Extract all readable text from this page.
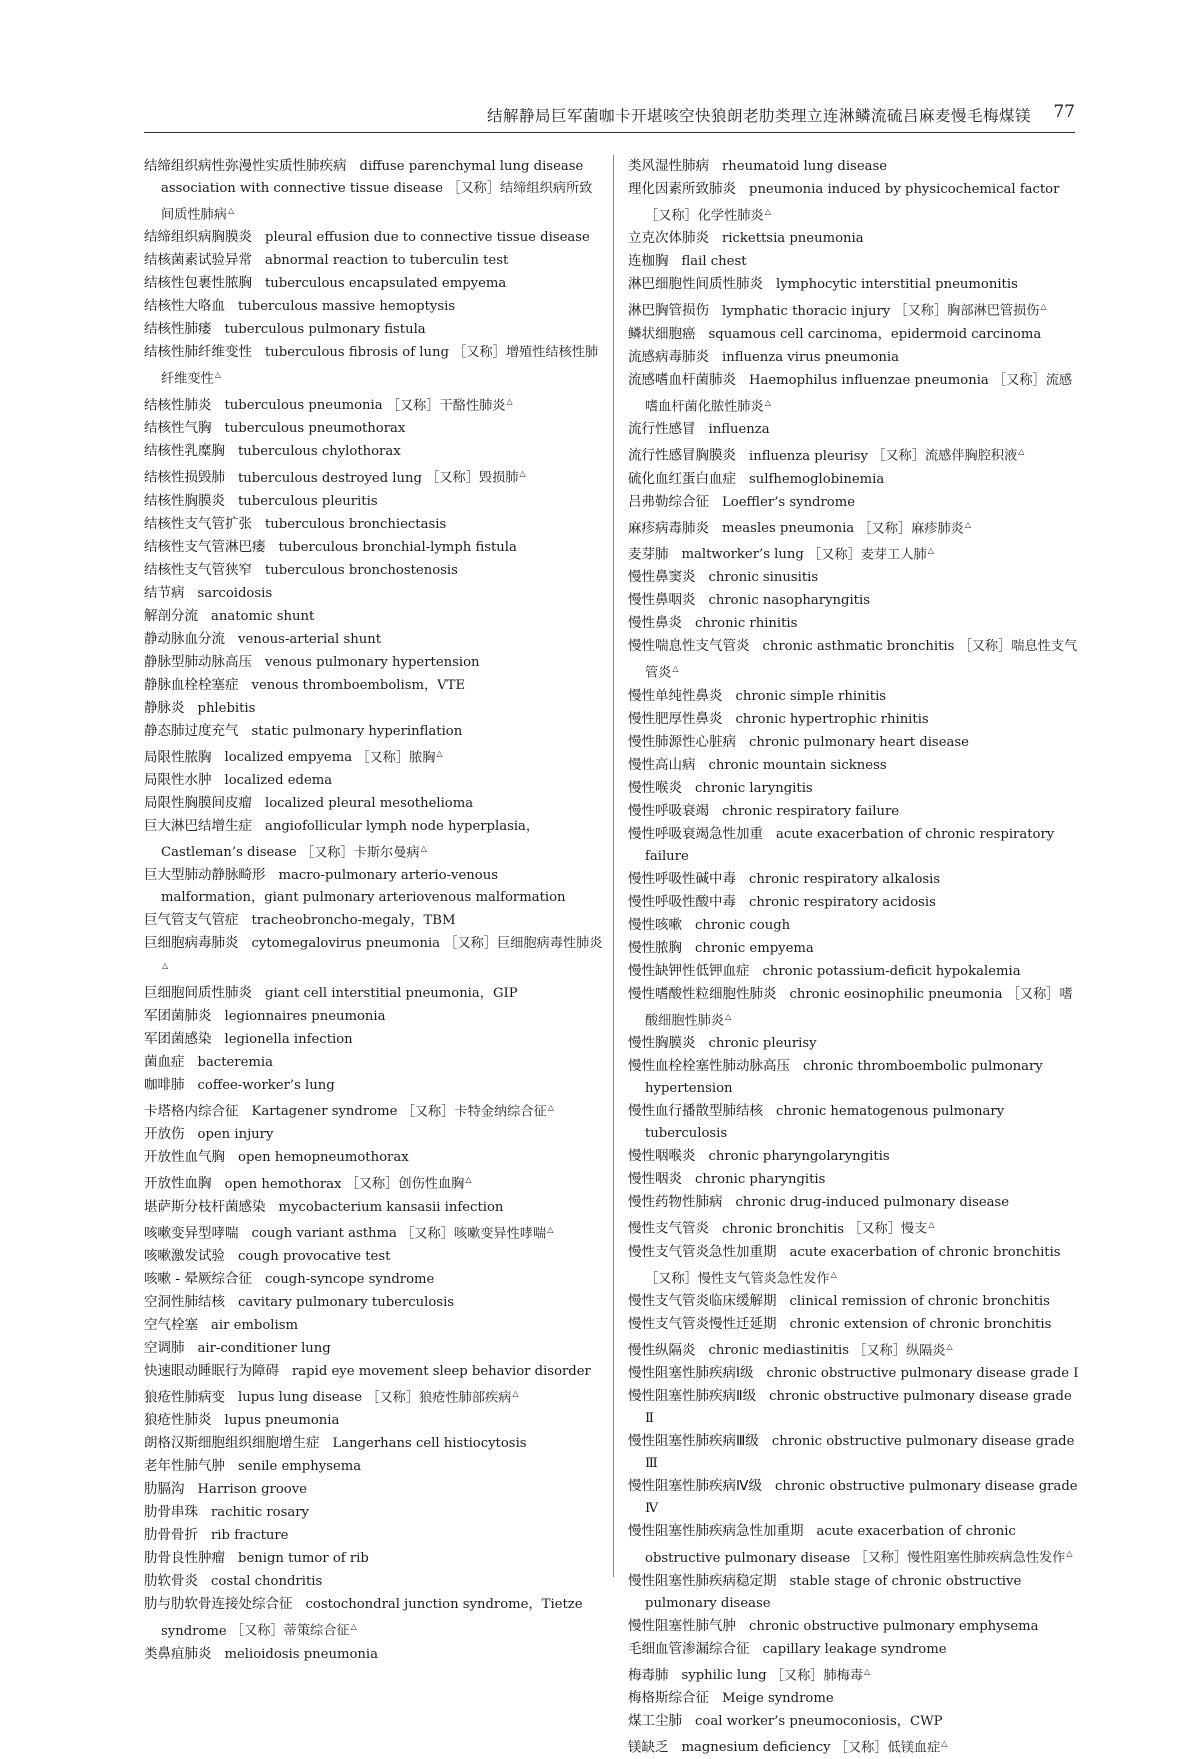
结解静局巨军菌咖卡开堪咳空快狼朗老肋类理立连淋鳞流硫吕麻麦慢毛梅煤镁 77
结缔组织病性弥漫性实质性肺疾病 diffuse parenchymal lung disease association with connective tissue disease ［又称］结缔组织病所致间质性肺病△
结缔组织病胸膜炎 pleural effusion due to connective tissue disease
结核菌素试验异常 abnormal reaction to tuberculin test
结核性包裹性脓胸 tuberculous encapsulated empyema
结核性大咯血 tuberculous massive hemoptysis
结核性肺瘘 tuberculous pulmonary fistula
结核性肺纤维变性 tuberculous fibrosis of lung ［又称］增殖性结核性肺纤维变性△
结核性肺炎 tuberculous pneumonia ［又称］干酪性肺炎△
结核性气胸 tuberculous pneumothorax
结核性乳糜胸 tuberculous chylothorax
结核性损毁肺 tuberculous destroyed lung ［又称］毁损肺△
结核性胸膜炎 tuberculous pleuritis
结核性支气管扩张 tuberculous bronchiectasis
结核性支气管淋巴瘘 tuberculous bronchial-lymph fistula
结核性支气管狭窄 tuberculous bronchostenosis
结节病 sarcoidosis
解剖分流 anatomic shunt
静动脉血分流 venous-arterial shunt
静脉型肺动脉高压 venous pulmonary hypertension
静脉血栓栓塞症 venous thromboembolism，VTE
静脉炎 phlebitis
静态肺过度充气 static pulmonary hyperinflation
局限性脓胸 localized empyema ［又称］脓胸△
局限性水肿 localized edema
局限性胸膜间皮瘤 localized pleural mesothelioma
巨大淋巴结增生症 angiofollicular lymph node hyperplasia，Castleman’s disease ［又称］卡斯尔曼病△
巨大型肺动静脉畸形 macro-pulmonary arterio-venous malformation，giant pulmonary arteriovenous malformation
巨气管支气管症 tracheobroncho-megaly，TBM
巨细胞病毒肺炎 cytomegalovirus pneumonia ［又称］巨细胞病毒性肺炎△
巨细胞间质性肺炎 giant cell interstitial pneumonia，GIP
军团菌肺炎 legionnaires pneumonia
军团菌感染 legionella infection
菌血症 bacteremia
咖啡肺 coffee-worker’s lung
卡塔格内综合征 Kartagener syndrome ［又称］卡特金纳综合征△
开放伤 open injury
开放性血气胸 open hemopneumothorax
开放性血胸 open hemothorax ［又称］创伤性血胸△
堪萨斯分枝杆菌感染 mycobacterium kansasii infection
咳嗽变异型哮喘 cough variant asthma ［又称］咳嗽变异性哮喘△
咳嗽激发试验 cough provocative test
咳嗽 - 晕厥综合征 cough-syncope syndrome
空洞性肺结核 cavitary pulmonary tuberculosis
空气栓塞 air embolism
空调肺 air-conditioner lung
快速眼动睡眠行为障碍 rapid eye movement sleep behavior disorder
狼疮性肺病变 lupus lung disease ［又称］狼疮性肺部疾病△
狼疮性肺炎 lupus pneumonia
朗格汉斯细胞组织细胞增生症 Langerhans cell histiocytosis
老年性肺气肿 senile emphysema
肋膈沟 Harrison groove
肋骨串珠 rachitic rosary
肋骨骨折 rib fracture
肋骨良性肿瘤 benign tumor of rib
肋软骨炎 costal chondritis
肋与肋软骨连接处综合征 costochondral junction syndrome，Tietze syndrome ［又称］蒂策综合征△
类鼻疽肺炎 melioidosis pneumonia
类风湿性肺病 rheumatoid lung disease
理化因素所致肺炎 pneumonia induced by physicochemical factor ［又称］化学性肺炎△
立克次体肺炎 rickettsia pneumonia
连枷胸 flail chest
淋巴细胞性间质性肺炎 lymphocytic interstitial pneumonitis
淋巴胸管损伤 lymphatic thoracic injury ［又称］胸部淋巴管损伤△
鳞状细胞癌 squamous cell carcinoma，epidermoid carcinoma
流感病毒肺炎 influenza virus pneumonia
流感嗜血杆菌肺炎 Haemophilus influenzae pneumonia ［又称］流感嗜血杆菌化脓性肺炎△
流行性感冒 influenza
流行性感冒胸膜炎 influenza pleurisy ［又称］流感伴胸腔积液△
硫化血红蛋白血症 sulfhemoglobinemia
吕弗勒综合征 Loeffler’s syndrome
麻疹病毒肺炎 measles pneumonia ［又称］麻疹肺炎△
麦芽肺 maltworker’s lung ［又称］麦芽工人肺△
慢性鼻窦炎 chronic sinusitis
慢性鼻咽炎 chronic nasopharyngitis
慢性鼻炎 chronic rhinitis
慢性喘息性支气管炎 chronic asthmatic bronchitis ［又称］喘息性支气管炎△
慢性单纯性鼻炎 chronic simple rhinitis
慢性肥厚性鼻炎 chronic hypertrophic rhinitis
慢性肺源性心脏病 chronic pulmonary heart disease
慢性高山病 chronic mountain sickness
慢性喉炎 chronic laryngitis
慢性呼吸衰竭 chronic respiratory failure
慢性呼吸衰竭急性加重 acute exacerbation of chronic respiratory failure
慢性呼吸性碱中毒 chronic respiratory alkalosis
慢性呼吸性酸中毒 chronic respiratory acidosis
慢性咳嗽 chronic cough
慢性脓胸 chronic empyema
慢性缺钾性低钾血症 chronic potassium-deficit hypokalemia
慢性嗜酸性粒细胞性肺炎 chronic eosinophilic pneumonia ［又称］嗜酸细胞性肺炎△
慢性胸膜炎 chronic pleurisy
慢性血栓栓塞性肺动脉高压 chronic thromboembolic pulmonary hypertension
慢性血行播散型肺结核 chronic hematogenous pulmonary tuberculosis
慢性咽喉炎 chronic pharyngolaryngitis
慢性咽炎 chronic pharyngitis
慢性药物性肺病 chronic drug-induced pulmonary disease
慢性支气管炎 chronic bronchitis ［又称］慢支△
慢性支气管炎急性加重期 acute exacerbation of chronic bronchitis ［又称］慢性支气管炎急性发作△
慢性支气管炎临床缓解期 clinical remission of chronic bronchitis
慢性支气管炎慢性迁延期 chronic extension of chronic bronchitis
慢性纵隔炎 chronic mediastinitis ［又称］纵隔炎△
慢性阻塞性肺疾病Ⅰ级 chronic obstructive pulmonary disease grade Ⅰ
慢性阻塞性肺疾病Ⅱ级 chronic obstructive pulmonary disease grade Ⅱ
慢性阻塞性肺疾病Ⅲ级 chronic obstructive pulmonary disease grade Ⅲ
慢性阻塞性肺疾病Ⅳ级 chronic obstructive pulmonary disease grade Ⅳ
慢性阻塞性肺疾病急性加重期 acute exacerbation of chronic obstructive pulmonary disease ［又称］慢性阻塞性肺疾病急性发作△
慢性阻塞性肺疾病稳定期 stable stage of chronic obstructive pulmonary disease
慢性阻塞性肺气肿 chronic obstructive pulmonary emphysema
毛细血管渗漏综合征 capillary leakage syndrome
梅毒肺 syphilic lung ［又称］肺梅毒△
梅格斯综合征 Meige syndrome
煤工尘肺 coal worker’s pneumoconiosis，CWP
镁缺乏 magnesium deficiency ［又称］低镁血症△
